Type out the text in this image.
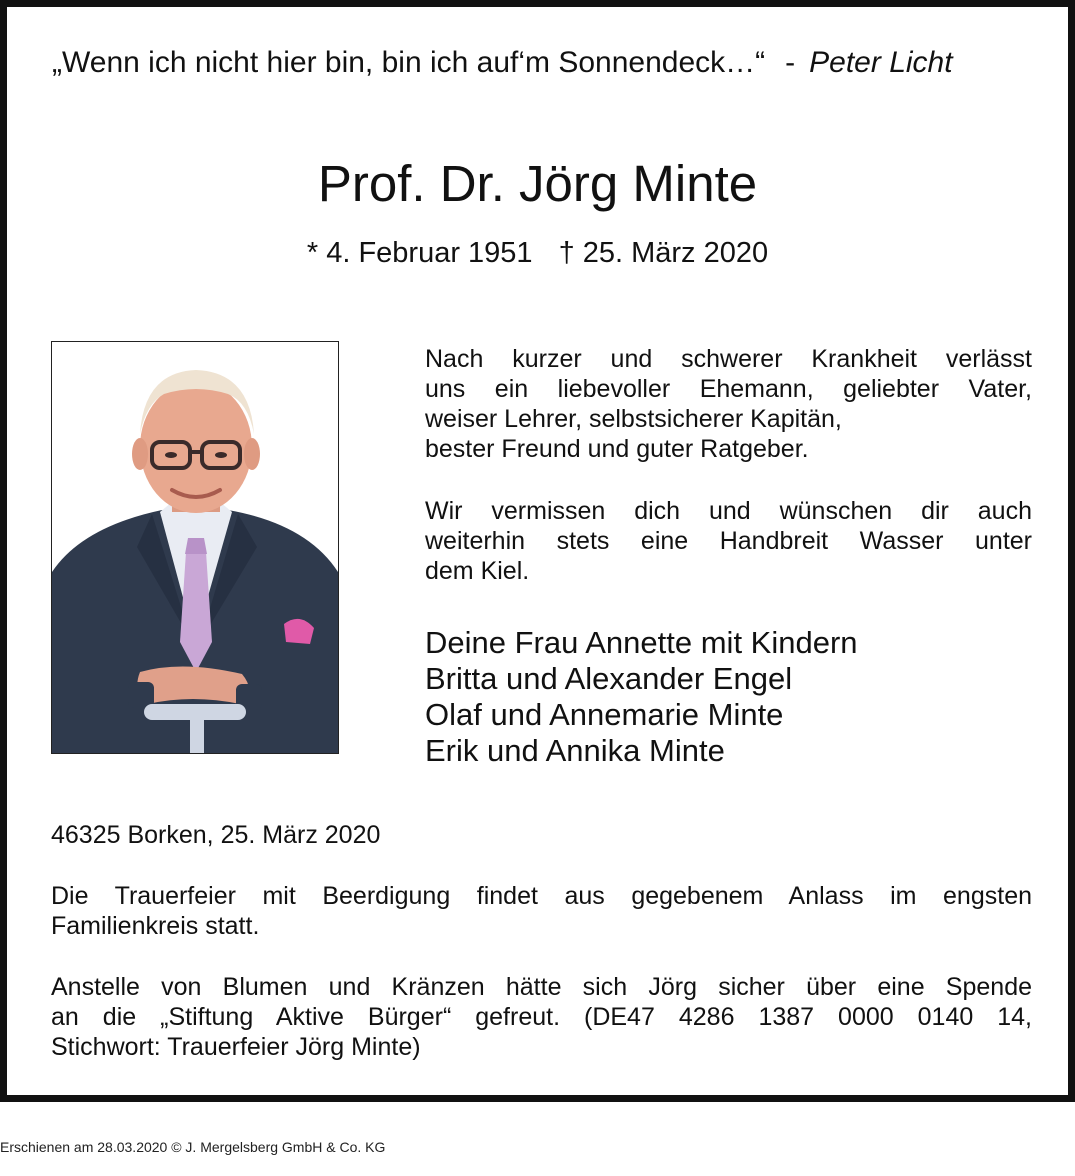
„Wenn ich nicht hier bin, bin ich auf‘m Sonnendeck…“ - Peter Licht
Prof. Dr. Jörg Minte
* 4. Februar 1951 † 25. März 2020
Nach kurzer und schwerer Krankheit verlässt
uns ein liebevoller Ehemann, geliebter Vater,
weiser Lehrer, selbstsicherer Kapitän,
bester Freund und guter Ratgeber.
Wir vermissen dich und wünschen dir auch
weiterhin stets eine Handbreit Wasser unter
dem Kiel.
Deine Frau Annette mit Kindern
Britta und Alexander Engel
Olaf und Annemarie Minte
Erik und Annika Minte
46325 Borken, 25. März 2020
Die Trauerfeier mit Beerdigung findet aus gegebenem Anlass im engsten
Familienkreis statt.
Anstelle von Blumen und Kränzen hätte sich Jörg sicher über eine Spende
an die „Stiftung Aktive Bürger“ gefreut. (DE47 4286 1387 0000 0140 14,
Stichwort: Trauerfeier Jörg Minte)
Erschienen am 28.03.2020 © J. Mergelsberg GmbH & Co. KG
